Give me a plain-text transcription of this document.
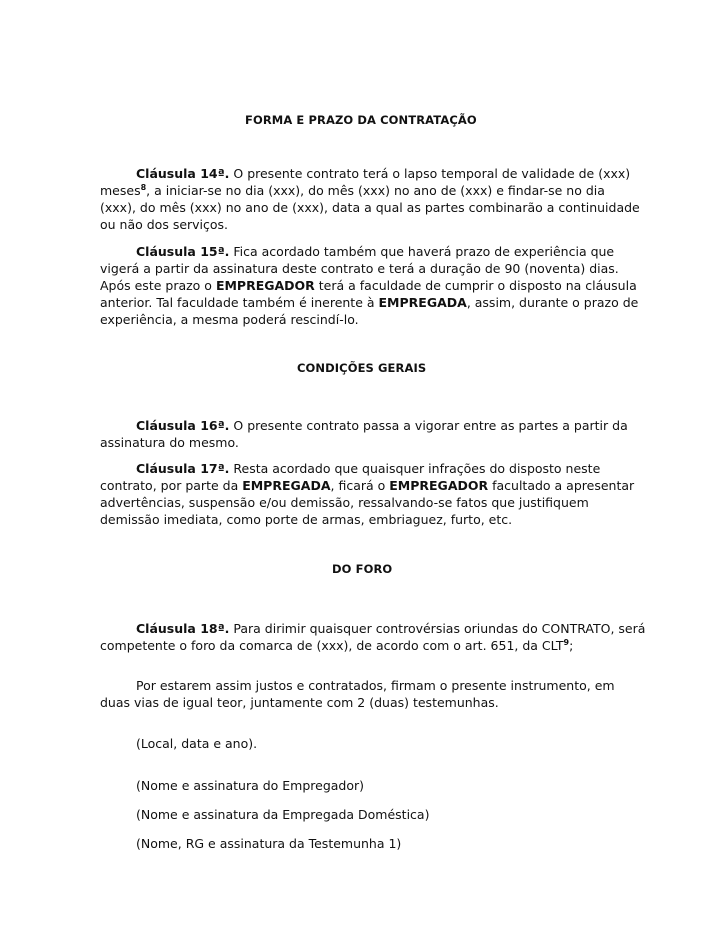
FORMA E PRAZO DA CONTRATAÇÃO
Cláusula 14ª. O presente contrato terá o lapso temporal de validade de (xxx)
meses$^8$, a iniciar-se no dia (xxx), do mês (xxx) no ano de (xxx) e findar-se no dia
(xxx), do mês (xxx) no ano de (xxx), data a qual as partes combinarão a continuidade
ou não dos serviços.
Cláusula 15ª. Fica acordado também que haverá prazo de experiência que
vigerá a partir da assinatura deste contrato e terá a duração de 90 (noventa) dias.
Após este prazo o EMPREGADOR terá a faculdade de cumprir o disposto na cláusula
anterior. Tal faculdade também é inerente à EMPREGADA, assim, durante o prazo de
experiência, a mesma poderá rescindí-lo.
CONDIÇÕES GERAIS
Cláusula 16ª. O presente contrato passa a vigorar entre as partes a partir da
assinatura do mesmo.
Cláusula 17ª. Resta acordado que quaisquer infrações do disposto neste
contrato, por parte da EMPREGADA, ficará o EMPREGADOR facultado a apresentar
advertências, suspensão e/ou demissão, ressalvando-se fatos que justifiquem
demissão imediata, como porte de armas, embriaguez, furto, etc.
DO FORO
Cláusula 18ª. Para dirimir quaisquer controvérsias oriundas do CONTRATO, será
competente o foro da comarca de (xxx), de acordo com o art. 651, da CLT$^9$;
Por estarem assim justos e contratados, firmam o presente instrumento, em
duas vias de igual teor, juntamente com 2 (duas) testemunhas.
(Local, data e ano).
(Nome e assinatura do Empregador)
(Nome e assinatura da Empregada Doméstica)
(Nome, RG e assinatura da Testemunha 1)
